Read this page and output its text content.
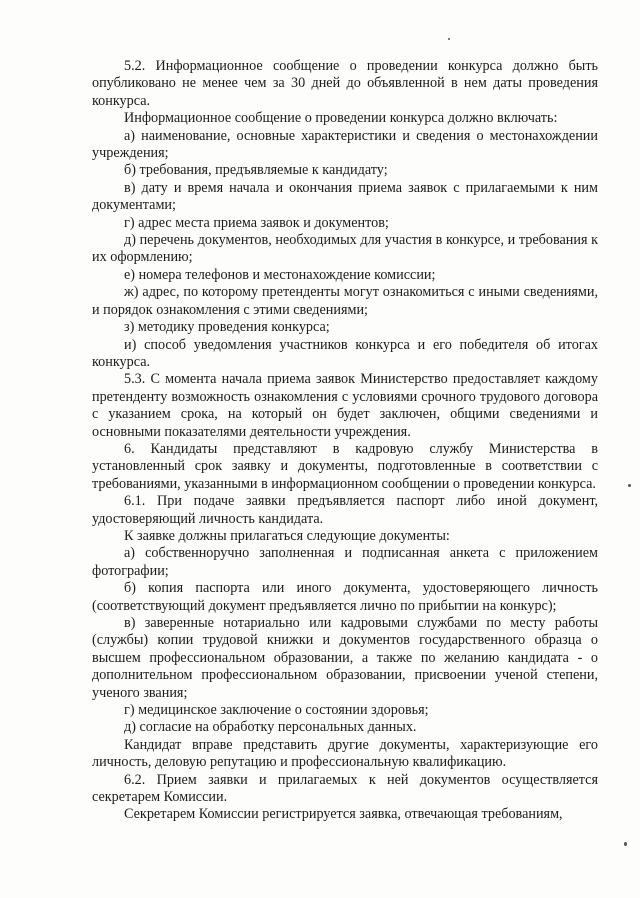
5.2. Информационное сообщение о проведении конкурса должно быть опубликовано не менее чем за 30 дней до объявленной в нем даты проведения конкурса.

Информационное сообщение о проведении конкурса должно включать:

а) наименование, основные характеристики и сведения о местонахождении учреждения;

б) требования, предъявляемые к кандидату;

в) дату и время начала и окончания приема заявок с прилагаемыми к ним документами;

г) адрес места приема заявок и документов;

д) перечень документов, необходимых для участия в конкурсе, и требования к их оформлению;

е) номера телефонов и местонахождение комиссии;

ж) адрес, по которому претенденты могут ознакомиться с иными сведениями, и порядок ознакомления с этими сведениями;

з) методику проведения конкурса;

и) способ уведомления участников конкурса и его победителя об итогах конкурса.

5.3. С момента начала приема заявок Министерство предоставляет каждому претенденту возможность ознакомления с условиями срочного трудового договора с указанием срока, на который он будет заключен, общими сведениями и основными показателями деятельности учреждения.

6. Кандидаты представляют в кадровую службу Министерства в установленный срок заявку и документы, подготовленные в соответствии с требованиями, указанными в информационном сообщении о проведении конкурса.

6.1. При подаче заявки предъявляется паспорт либо иной документ, удостоверяющий личность кандидата.

К заявке должны прилагаться следующие документы:

а) собственноручно заполненная и подписанная анкета с приложением фотографии;

б) копия паспорта или иного документа, удостоверяющего личность (соответствующий документ предъявляется лично по прибытии на конкурс);

в) заверенные нотариально или кадровыми службами по месту работы (службы) копии трудовой книжки и документов государственного образца о высшем профессиональном образовании, а также по желанию кандидата - о дополнительном профессиональном образовании, присвоении ученой степени, ученого звания;

г) медицинское заключение о состоянии здоровья;

д) согласие на обработку персональных данных.

Кандидат вправе представить другие документы, характеризующие его личность, деловую репутацию и профессиональную квалификацию.

6.2. Прием заявки и прилагаемых к ней документов осуществляется секретарем Комиссии.

Секретарем Комиссии регистрируется заявка, отвечающая требованиям,
